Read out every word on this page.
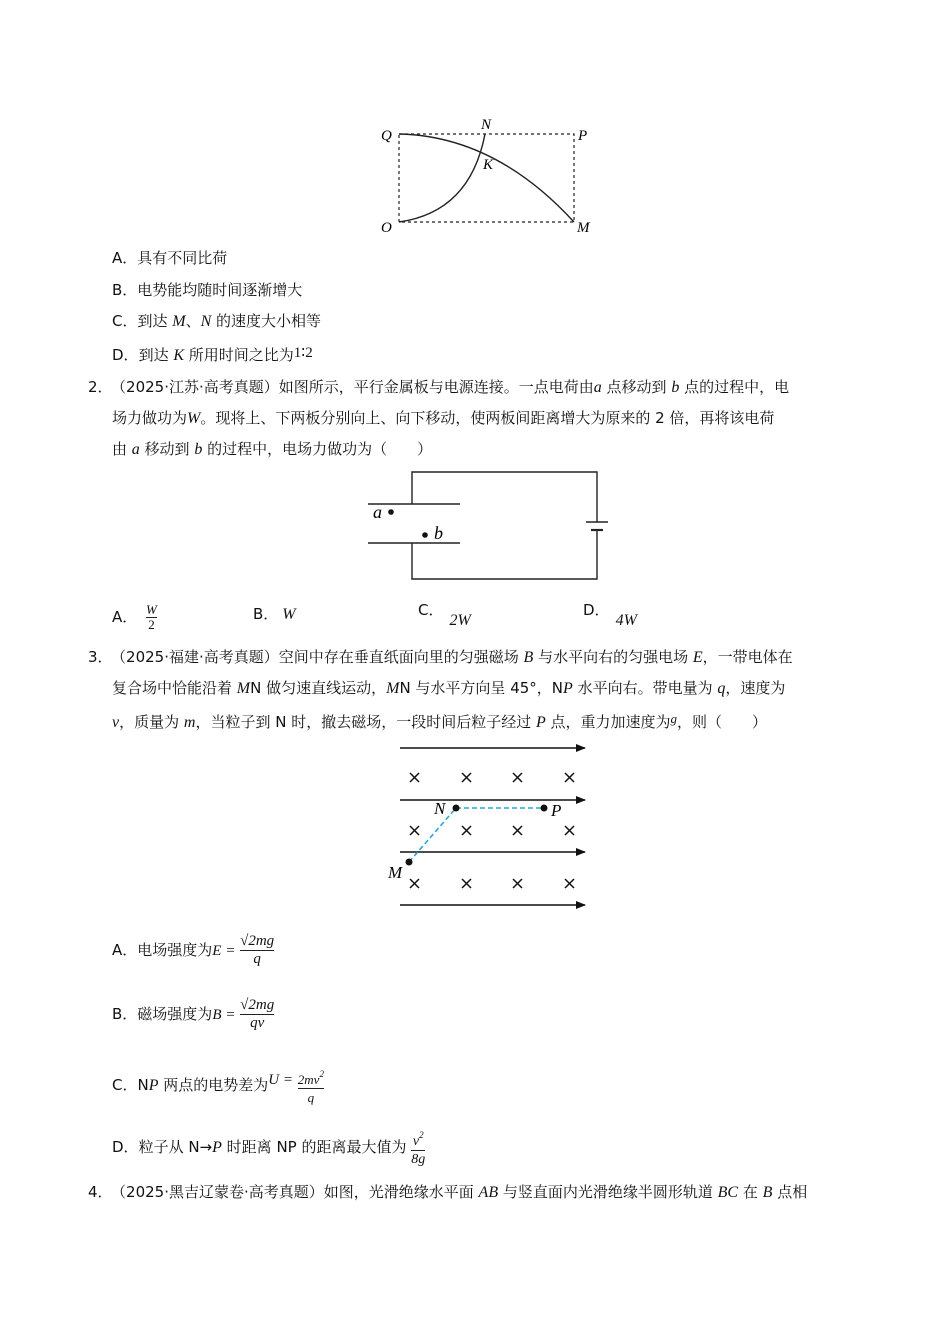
Q
N
P
K
O	M
A．具有不同比荷
B．电势能均随时间逐渐增大
C．到达 M、N 的速度大小相等
D．到达 K 所用时间之比为1∶2
2． （2025·江苏·高考真题）如图所示，平行金属板与电源连接。一点电荷由a 点移动到 b 点的过程中，电
场力做功为W。现将上、下两板分别向上、向下移动，使两板间距离增大为原来的 2 倍，再将该电荷
由 a 移动到 b 的过程中，电场力做功为（　　）
a
b
A． $\frac{W}{2}$	B． W	C．2W
D．4W
3． （2025·福建·高考真题）空间中存在垂直纸面向里的匀强磁场 B 与水平向右的匀强电场 E，一带电体在
复合场中恰能沿着 MN 做匀速直线运动，MN 与水平方向呈 45°，NP 水平向右。带电量为 q，速度为
v，质量为 m，当粒子到 N 时，撤去磁场，一段时间后粒子经过 P 点，重力加速度为g，则（　　）
N	P
M
A．电场强度为$E = \frac{√2mg}{q}$
B．磁场强度为$B = \frac{√2mg}{qv}$
C．NP 两点的电势差为$U = \frac{2mv^2}{q}$
D．粒子从 N→P 时距离 NP 的距离最大值为 $\frac{v^2}{8g}$
4． （2025·黑吉辽蒙卷·高考真题）如图，光滑绝缘水平面 AB 与竖直面内光滑绝缘半圆形轨道 BC 在 B 点相
